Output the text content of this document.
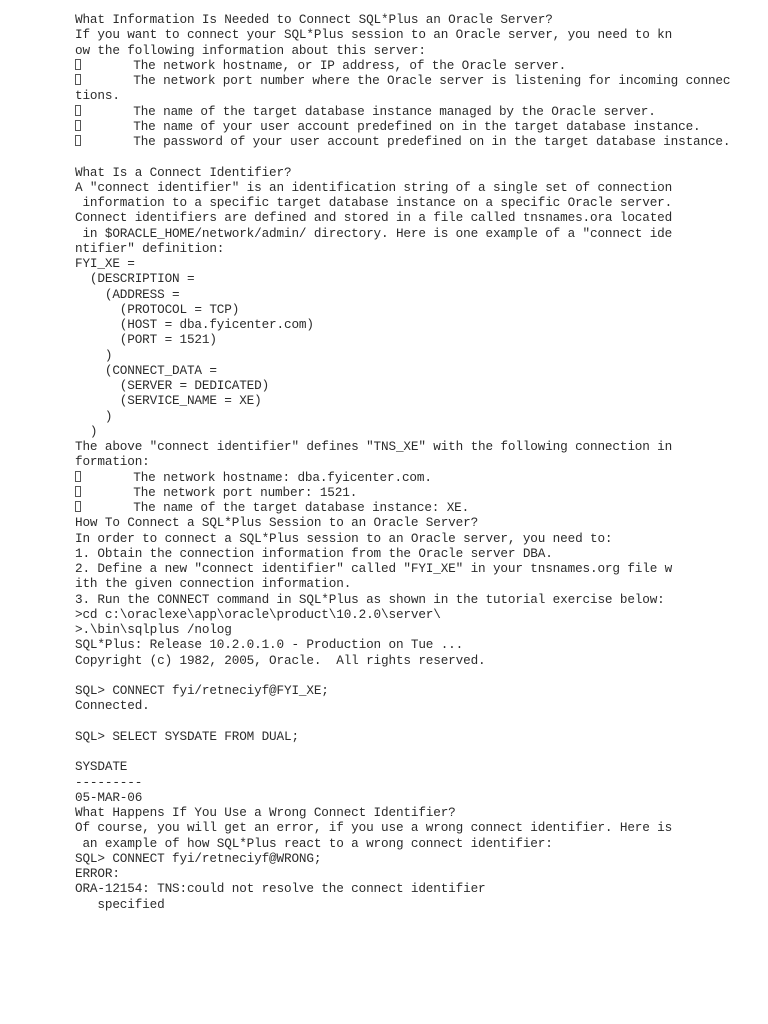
What Information Is Needed to Connect SQL*Plus an Oracle Server?
If you want to connect your SQL*Plus session to an Oracle server, you need to kn
ow the following information about this server:
The network hostname, or IP address, of the Oracle server.
The network port number where the Oracle server is listening for incoming connec
tions.
The name of the target database instance managed by the Oracle server.
The name of your user account predefined on in the target database instance.
The password of your user account predefined on in the target database instance.
What Is a Connect Identifier?
A "connect identifier" is an identification string of a single set of connection
information to a specific target database instance on a specific Oracle server.
Connect identifiers are defined and stored in a file called tnsnames.ora located
in $ORACLE_HOME/network/admin/ directory. Here is one example of a "connect ide
ntifier" definition:
FYI_XE =
(DESCRIPTION =
(ADDRESS =
(PROTOCOL = TCP)
(HOST = dba.fyicenter.com)
(PORT = 1521)
)
(CONNECT_DATA =
(SERVER = DEDICATED)
(SERVICE_NAME = XE)
)
)
The above "connect identifier" defines "TNS_XE" with the following connection in
formation:
The network hostname: dba.fyicenter.com.
The network port number: 1521.
The name of the target database instance: XE.
How To Connect a SQL*Plus Session to an Oracle Server?
In order to connect a SQL*Plus session to an Oracle server, you need to:
1. Obtain the connection information from the Oracle server DBA.
2. Define a new "connect identifier" called "FYI_XE" in your tnsnames.org file w
ith the given connection information.
3. Run the CONNECT command in SQL*Plus as shown in the tutorial exercise below:
>cd c:\oraclexe\app\oracle\product\10.2.0\server\
>.\bin\sqlplus /nolog
SQL*Plus: Release 10.2.0.1.0 - Production on Tue ...
Copyright (c) 1982, 2005, Oracle.  All rights reserved.
SQL> CONNECT fyi/retneciyf@FYI_XE;
Connected.
SQL> SELECT SYSDATE FROM DUAL;
SYSDATE
---------
05-MAR-06
What Happens If You Use a Wrong Connect Identifier?
Of course, you will get an error, if you use a wrong connect identifier. Here is
an example of how SQL*Plus react to a wrong connect identifier:
SQL> CONNECT fyi/retneciyf@WRONG;
ERROR:
ORA-12154: TNS:could not resolve the connect identifier
specified
